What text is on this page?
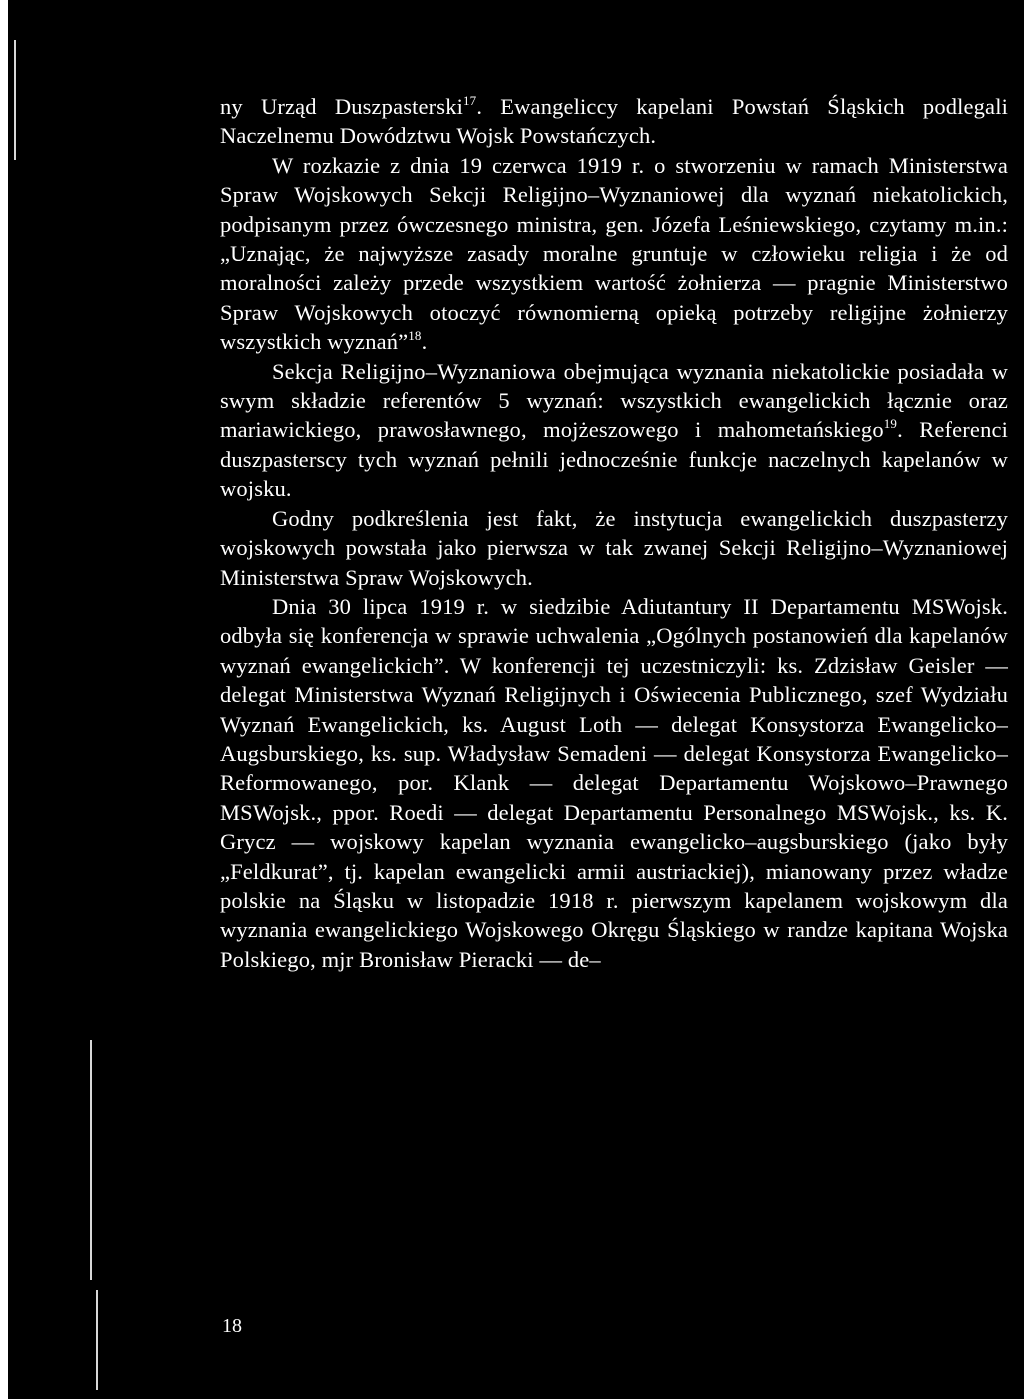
ny Urząd Duszpasterski$^{17}$. Ewangeliccy kapelani Powstań Śląskich podlegali Naczelnemu Dowództwu Wojsk Powstańczych.

W rozkazie z dnia 19 czerwca 1919 r. o stworzeniu w ramach Ministerstwa Spraw Wojskowych Sekcji Religijno–Wyznaniowej dla wyznań niekatolickich, podpisanym przez ówczesnego ministra, gen. Józefa Leśniewskiego, czytamy m.in.: „Uznając, że najwyższe zasady moralne gruntuje w człowieku religia i że od moralności zależy przede wszystkiem wartość żołnierza — pragnie Ministerstwo Spraw Wojskowych otoczyć równomierną opieką potrzeby religijne żołnierzy wszystkich wyznań”$^{18}$.

Sekcja Religijno–Wyznaniowa obejmująca wyznania niekatolickie posiadała w swym składzie referentów 5 wyznań: wszystkich ewangelickich łącznie oraz mariawickiego, prawosławnego, mojżeszowego i mahometańskiego$^{19}$. Referenci duszpasterscy tych wyznań pełnili jednocześnie funkcje naczelnych kapelanów w wojsku.

Godny podkreślenia jest fakt, że instytucja ewangelickich duszpasterzy wojskowych powstała jako pierwsza w tak zwanej Sekcji Religijno–Wyznaniowej Ministerstwa Spraw Wojskowych.

Dnia 30 lipca 1919 r. w siedzibie Adiutantury II Departamentu MSWojsk. odbyła się konferencja w sprawie uchwalenia „Ogólnych postanowień dla kapelanów wyznań ewangelickich”. W konferencji tej uczestniczyli: ks. Zdzisław Geisler — delegat Ministerstwa Wyznań Religijnych i Oświecenia Publicznego, szef Wydziału Wyznań Ewangelickich, ks. August Loth — delegat Konsystorza Ewangelicko–Augsburskiego, ks. sup. Władysław Semadeni — delegat Konsystorza Ewangelicko–Reformowanego, por. Klank — delegat Departamentu Wojskowo–Prawnego MSWojsk., ppor. Roedi — delegat Departamentu Personalnego MSWojsk., ks. K. Grycz — wojskowy kapelan wyznania ewangelicko–augsburskiego (jako były „Feldkurat”, tj. kapelan ewangelicki armii austriackiej), mianowany przez władze polskie na Śląsku w listopadzie 1918 r. pierwszym kapelanem wojskowym dla wyznania ewangelickiego Wojskowego Okręgu Śląskiego w randze kapitana Wojska Polskiego, mjr Bronisław Pieracki — de–

18
